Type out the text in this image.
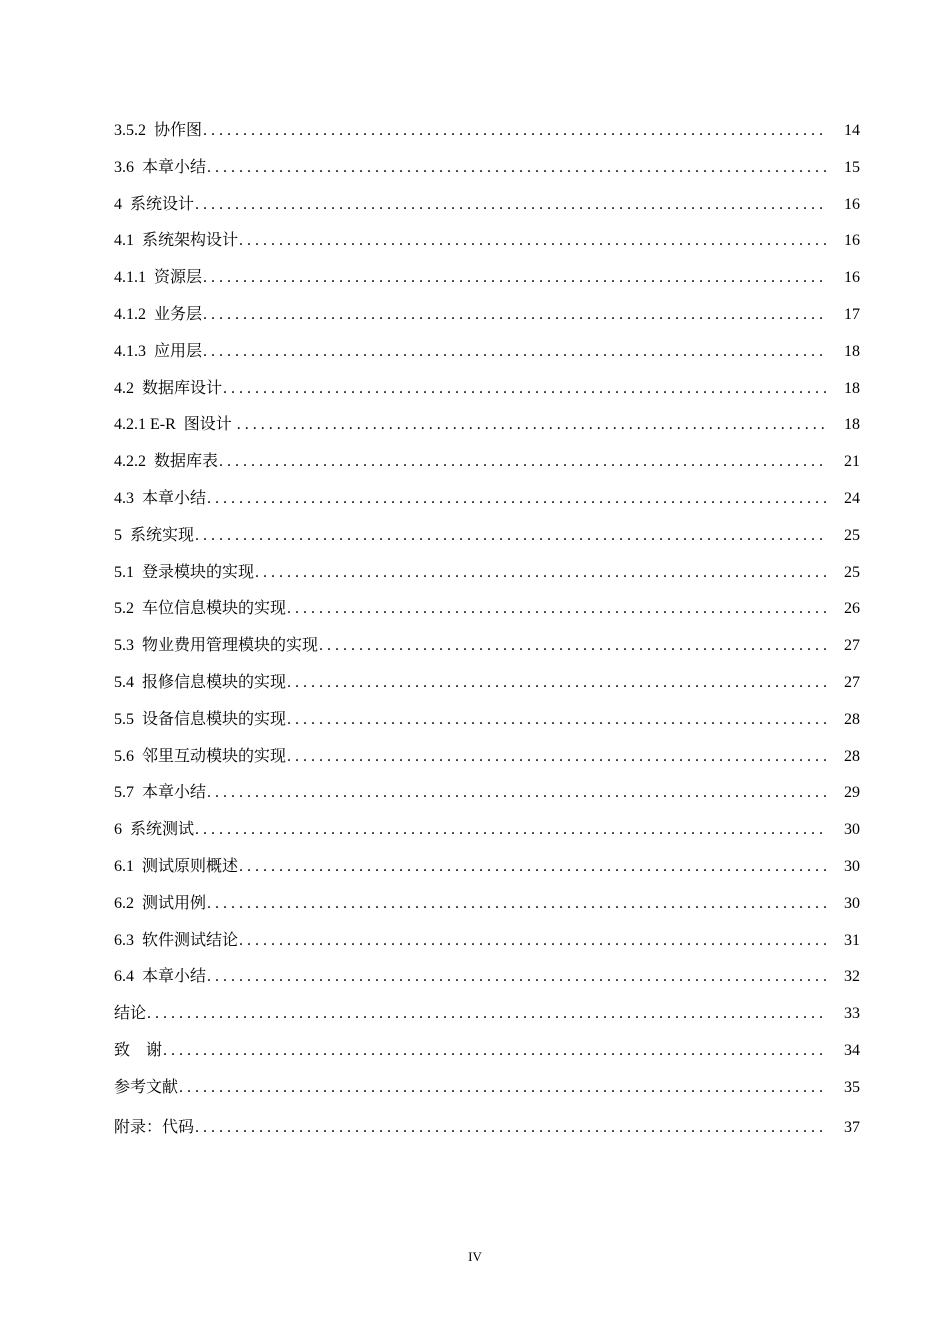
3.5.2  协作图 . . .	14
3.6  本章小结 . . .	15
4  系统设计 . . .	16
4.1  系统架构设计 . . .	16
4.1.1  资源层 . . .	16
4.1.2  业务层 . . .	17
4.1.3  应用层 . . .	18
4.2  数据库设计 . . .	18
4.2.1 E-R  图设计 . . .	18
4.2.2  数据库表 . . .	21
4.3  本章小结 . . .	24
5  系统实现 . . .	25
5.1  登录模块的实现 . . .	25
5.2  车位信息模块的实现 . . .	26
5.3  物业费用管理模块的实现 . . .	27
5.4  报修信息模块的实现 . . .	27
5.5  设备信息模块的实现 . . .	28
5.6  邻里互动模块的实现 . . .	28
5.7  本章小结 . . .	29
6  系统测试 . . .	30
6.1  测试原则概述 . . .	30
6.2  测试用例 . . .	30
6.3  软件测试结论 . . .	31
6.4  本章小结 . . .	32
结论 . . .	33
致    谢 . . .	34
参考文献 . . .	35
附录：代码 . . .	37
IV
